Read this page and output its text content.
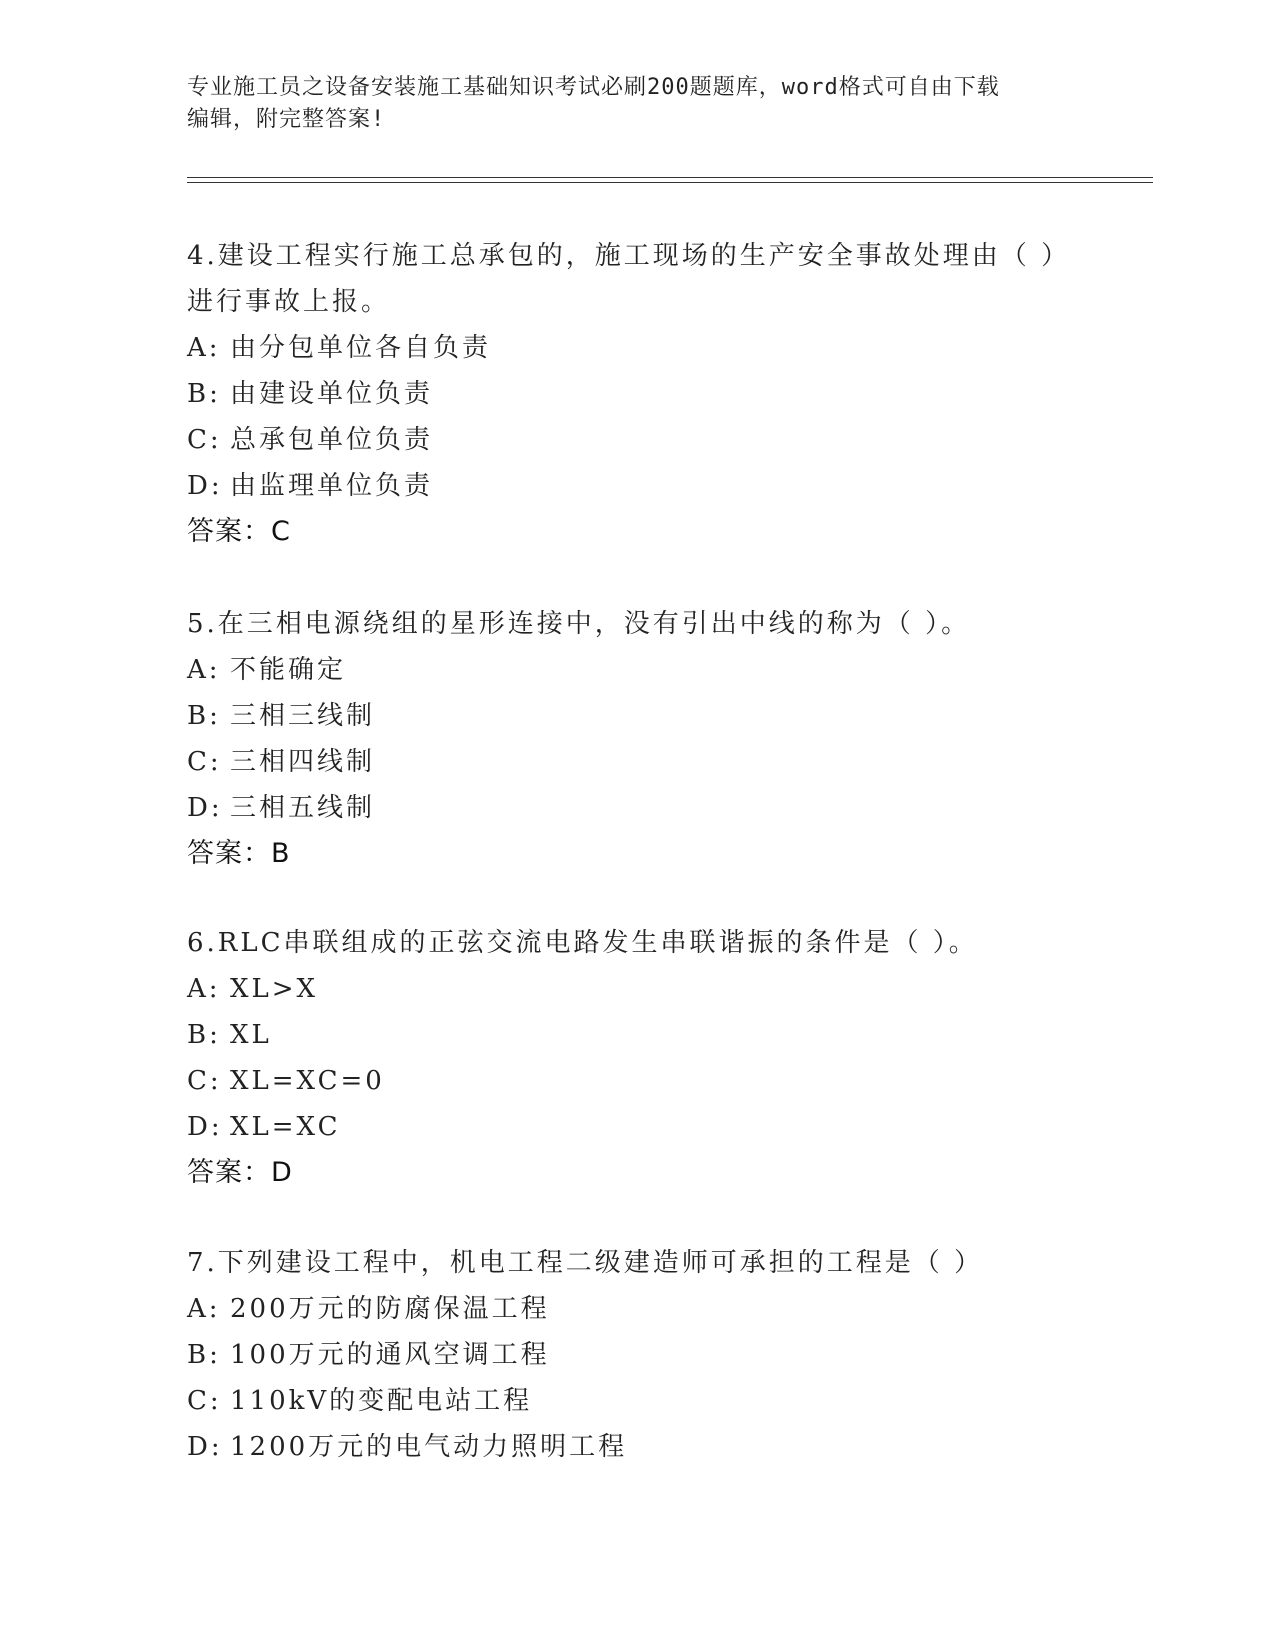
专业施工员之设备安装施工基础知识考试必刷200题题库，word格式可自由下载
编辑，附完整答案!
4.建设工程实行施工总承包的，施工现场的生产安全事故处理由（ ）
进行事故上报。
A: 由分包单位各自负责
B: 由建设单位负责
C: 总承包单位负责
D: 由监理单位负责
答案：C
5.在三相电源绕组的星形连接中，没有引出中线的称为（ ）。
A: 不能确定
B: 三相三线制
C: 三相四线制
D: 三相五线制
答案：B
6.RLC串联组成的正弦交流电路发生串联谐振的条件是（ ）。
A: XL>X
B: XL
C: XL=XC=0
D: XL=XC
答案：D
7.下列建设工程中，机电工程二级建造师可承担的工程是（ ）
A: 200万元的防腐保温工程
B: 100万元的通风空调工程
C: 110kV的变配电站工程
D: 1200万元的电气动力照明工程
